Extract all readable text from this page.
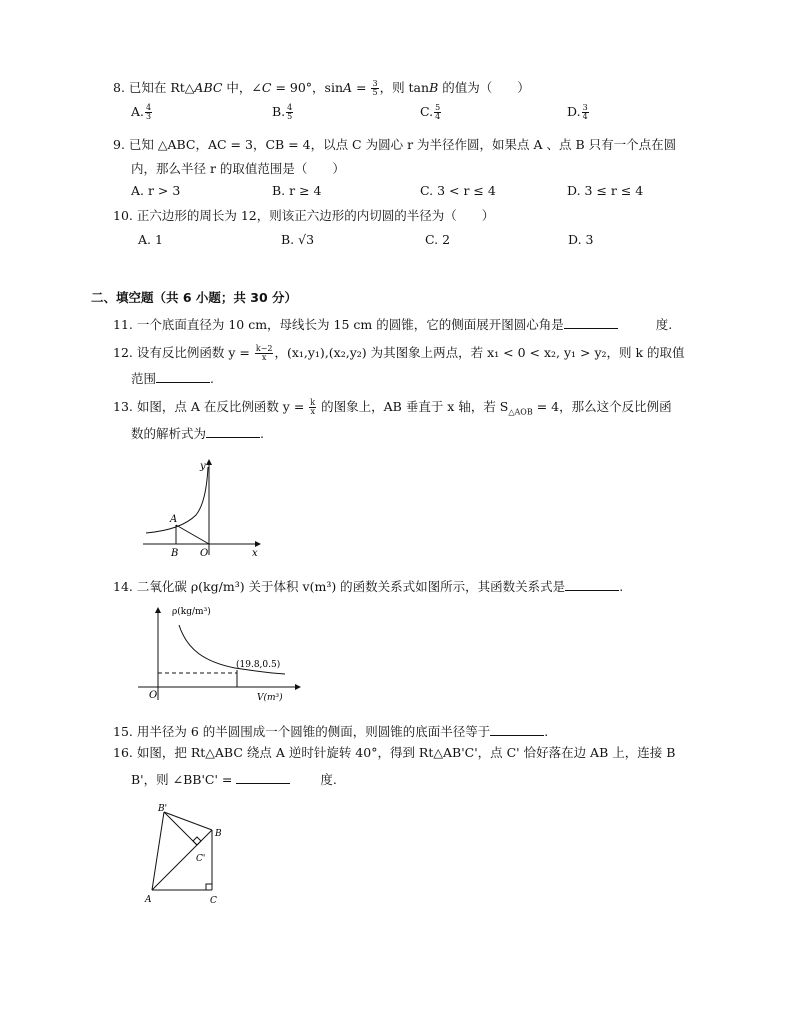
8. 已知在 Rt△ABC 中，∠C = 90°，$\sin A = \frac{3}{5}$ ，则 tanB 的值为（　　）
A. $\frac{4}{3}$	B. $\frac{4}{5}$	C. $\frac{5}{4}$	D. $\frac{3}{4}$
9. 已知 △ABC，AC = 3，CB = 4，以点 C 为圆心 r 为半径作圆，如果点 A 、点 B 只有一个点在圆
内，那么半径 r 的取值范围是（　　）
A. r > 3	B. r ≥ 4	C. 3 < r ≤ 4	D. 3 ≤ r ≤ 4
10. 正六边形的周长为 12，则该正六边形的内切圆的半径为（　　）
A. 1	B. √3	C. 2	D. 3
二、填空题（共 6 小题；共 30 分）
11. 一个底面直径为 10 cm，母线长为 15 cm 的圆锥，它的侧面展开图圆心角是	度.
12. 设有反比例函数 $y = \frac{k-2}{x}$ ，(x₁,y₁),(x₂,y₂) 为其图象上两点，若 x₁ < 0 < x₂, y₁ > y₂，则 k 的取值
范围	.
13. 如图，点 A 在反比例函数 $y = \frac{k}{x}$ 的图象上，AB 垂直于 x 轴，若 $S_{\triangle AOB} = 4$，那么这个反比例函
数的解析式为	.
y
x
A
B O
14. 二氧化碳 ρ(kg/m³) 关于体积 v(m³) 的函数关系式如图所示，其函数关系式是	.
ρ(kg/m³)
V(m³)
O
(19.8,0.5)
15. 用半径为 6 的半圆围成一个圆锥的侧面，则圆锥的底面半径等于	.
16. 如图，把 Rt△ABC 绕点 A 逆时针旋转 40°，得到 Rt△AB'C'，点 C' 恰好落在边 AB 上，连接 B
B'，则 ∠BB'C' =	度.
B'
B
C'
A	C
